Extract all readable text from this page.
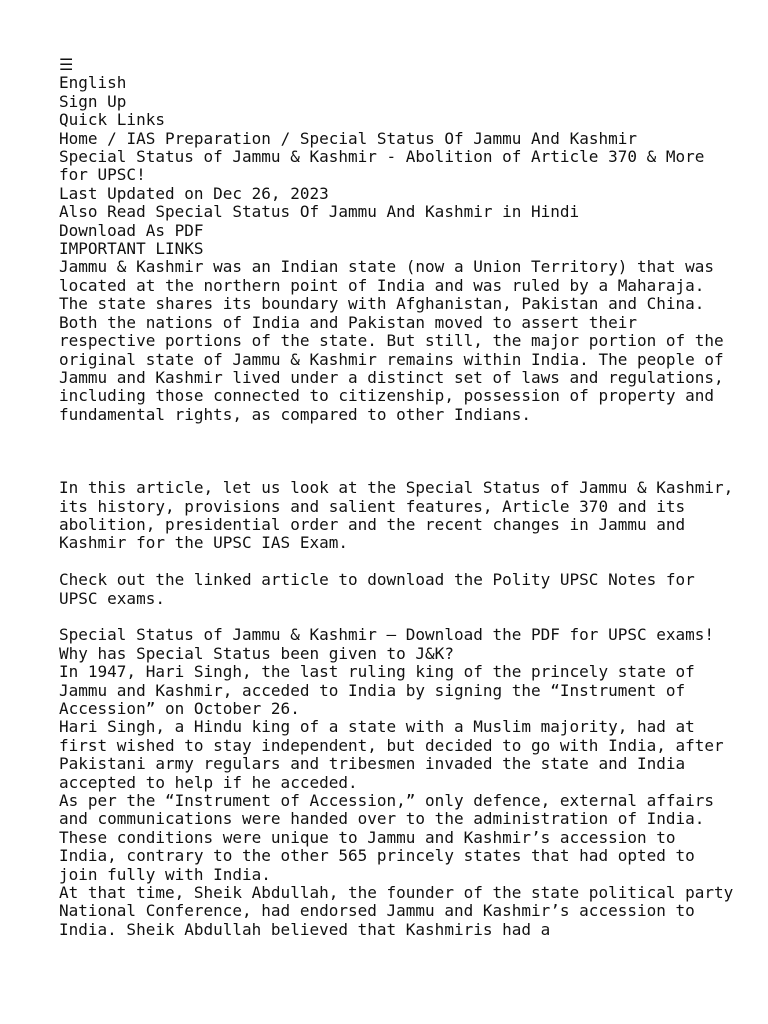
☰
English
Sign Up
Quick Links
Home / IAS Preparation / Special Status Of Jammu And Kashmir
Special Status of Jammu & Kashmir - Abolition of Article 370 & More for UPSC!
Last Updated on Dec 26, 2023
Also Read Special Status Of Jammu And Kashmir in Hindi
Download As PDF
IMPORTANT LINKS

Jammu & Kashmir was an Indian state (now a Union Territory) that was located at the northern point of India and was ruled by a Maharaja. The state shares its boundary with Afghanistan, Pakistan and China. Both the nations of India and Pakistan moved to assert their respective portions of the state. But still, the major portion of the original state of Jammu & Kashmir remains within India. The people of Jammu and Kashmir lived under a distinct set of laws and regulations, including those connected to citizenship, possession of property and fundamental rights, as compared to other Indians.

In this article, let us look at the Special Status of Jammu & Kashmir, its history, provisions and salient features, Article 370 and its abolition, presidential order and the recent changes in Jammu and Kashmir for the UPSC IAS Exam.

Check out the linked article to download the Polity UPSC Notes for UPSC exams.

Special Status of Jammu & Kashmir – Download the PDF for UPSC exams!
Why has Special Status been given to J&K?

In 1947, Hari Singh, the last ruling king of the princely state of Jammu and Kashmir, acceded to India by signing the “Instrument of Accession” on October 26.

Hari Singh, a Hindu king of a state with a Muslim majority, had at first wished to stay independent, but decided to go with India, after Pakistani army regulars and tribesmen invaded the state and India accepted to help if he acceded.

As per the “Instrument of Accession,” only defence, external affairs and communications were handed over to the administration of India. These conditions were unique to Jammu and Kashmir’s accession to India, contrary to the other 565 princely states that had opted to join fully with India.

At that time, Sheik Abdullah, the founder of the state political party National Conference, had endorsed Jammu and Kashmir’s accession to India. Sheik Abdullah believed that Kashmiris had a
